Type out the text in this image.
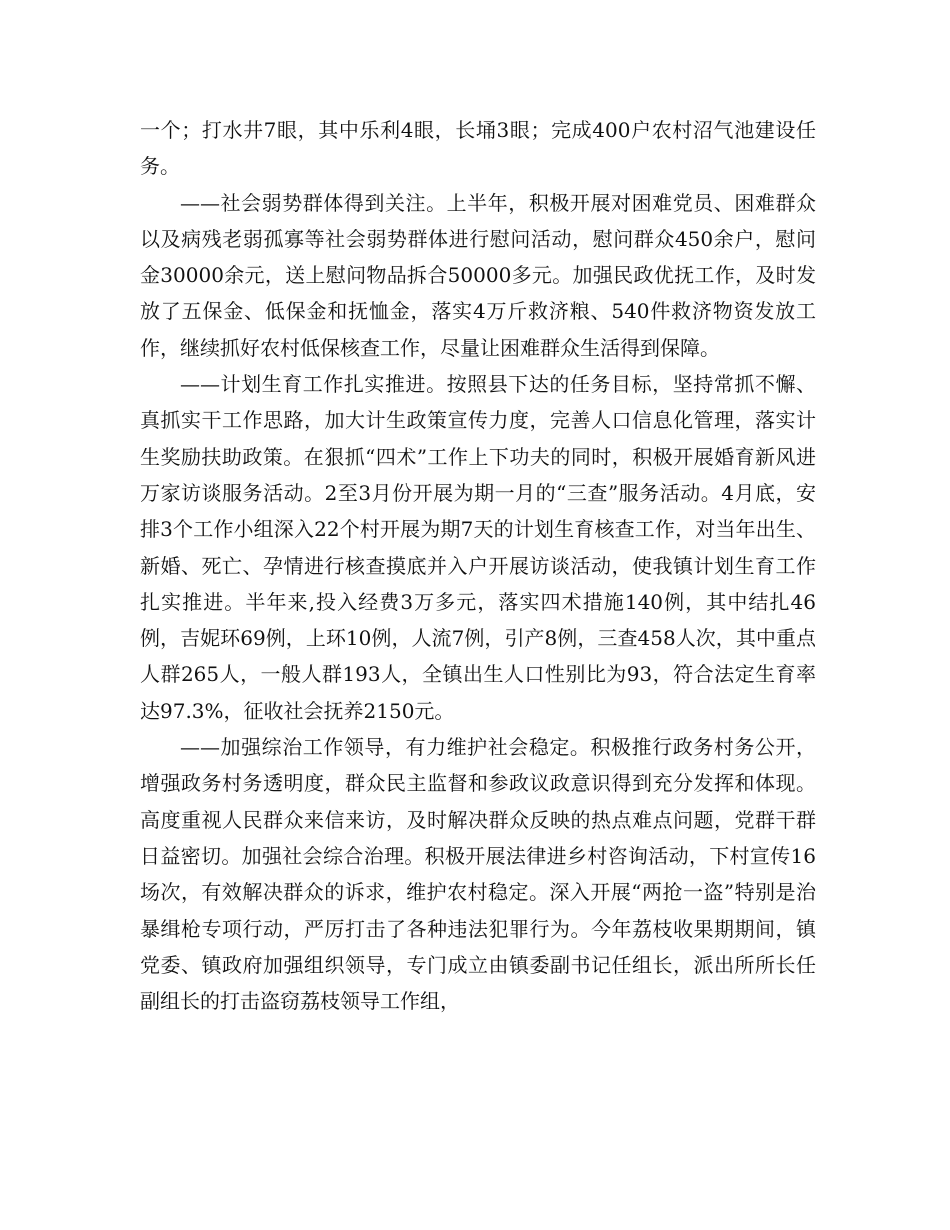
一个；打水井7眼，其中乐利4眼，长埇3眼；完成400户农村沼气池建设任务。

——社会弱势群体得到关注。上半年，积极开展对困难党员、困难群众以及病残老弱孤寡等社会弱势群体进行慰问活动，慰问群众450余户，慰问金30000余元，送上慰问物品拆合50000多元。加强民政优抚工作，及时发放了五保金、低保金和抚恤金，落实4万斤救济粮、540件救济物资发放工作，继续抓好农村低保核查工作，尽量让困难群众生活得到保障。

——计划生育工作扎实推进。按照县下达的任务目标，坚持常抓不懈、真抓实干工作思路，加大计生政策宣传力度，完善人口信息化管理，落实计生奖励扶助政策。在狠抓“四术”工作上下功夫的同时，积极开展婚育新风进万家访谈服务活动。2至3月份开展为期一月的“三查”服务活动。4月底，安排3个工作小组深入22个村开展为期7天的计划生育核查工作，对当年出生、新婚、死亡、孕情进行核查摸底并入户开展访谈活动，使我镇计划生育工作扎实推进。半年来,投入经费3万多元，落实四术措施140例，其中结扎46例，吉妮环69例，上环10例，人流7例，引产8例，三查458人次，其中重点人群265人，一般人群193人，全镇出生人口性别比为93，符合法定生育率达97.3%，征收社会抚养2150元。

——加强综治工作领导，有力维护社会稳定。积极推行政务村务公开，增强政务村务透明度，群众民主监督和参政议政意识得到充分发挥和体现。高度重视人民群众来信来访，及时解决群众反映的热点难点问题，党群干群日益密切。加强社会综合治理。积极开展法律进乡村咨询活动，下村宣传16场次，有效解决群众的诉求，维护农村稳定。深入开展“两抢一盗”特别是治暴缉枪专项行动，严厉打击了各种违法犯罪行为。今年荔枝收果期期间，镇党委、镇政府加强组织领导，专门成立由镇委副书记任组长，派出所所长任副组长的打击盗窃荔枝领导工作组，
